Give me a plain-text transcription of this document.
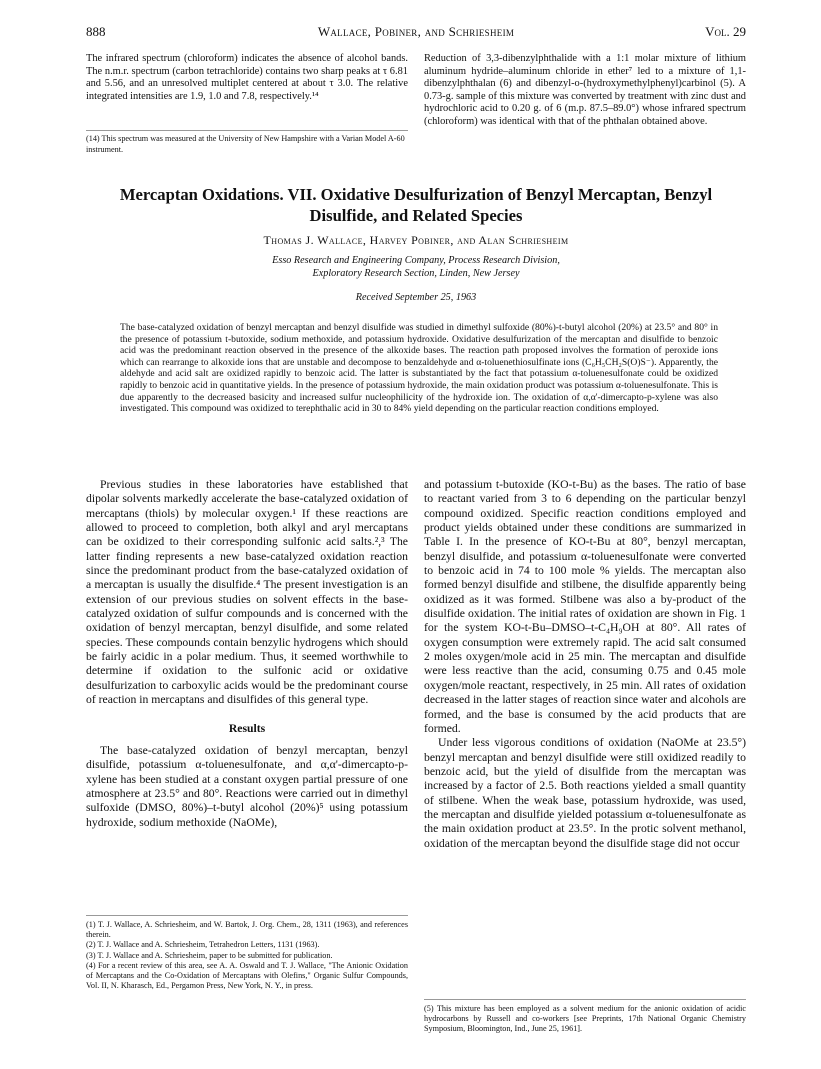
888	Wallace, Pobiner, and Schriesheim	Vol. 29
The infrared spectrum (chloroform) indicates the absence of alcohol bands. The n.m.r. spectrum (carbon tetrachloride) contains two sharp peaks at τ 6.81 and 5.56, and an unresolved multiplet centered at about τ 3.0. The relative integrated intensities are 1.9, 1.0 and 7.8, respectively.¹⁴
Reduction of 3,3-dibenzylphthalide with a 1:1 molar mixture of lithium aluminum hydride–aluminum chloride in ether⁷ led to a mixture of 1,1-dibenzylphthalan (6) and dibenzyl-o-(hydroxymethylphenyl)carbinol (5). A 0.73-g. sample of this mixture was converted by treatment with zinc dust and hydrochloric acid to 0.20 g. of 6 (m.p. 87.5–89.0°) whose infrared spectrum (chloroform) was identical with that of the phthalan obtained above.
(14) This spectrum was measured at the University of New Hampshire with a Varian Model A-60 instrument.
Mercaptan Oxidations. VII. Oxidative Desulfurization of Benzyl Mercaptan, Benzyl Disulfide, and Related Species
Thomas J. Wallace, Harvey Pobiner, and Alan Schriesheim
Esso Research and Engineering Company, Process Research Division,
Exploratory Research Section, Linden, New Jersey
Received September 25, 1963
The base-catalyzed oxidation of benzyl mercaptan and benzyl disulfide was studied in dimethyl sulfoxide (80%)-t-butyl alcohol (20%) at 23.5° and 80° in the presence of potassium t-butoxide, sodium methoxide, and potassium hydroxide. Oxidative desulfurization of the mercaptan and disulfide to benzoic acid was the predominant reaction observed in the presence of the alkoxide bases. The reaction path proposed involves the formation of peroxide ions which can rearrange to alkoxide ions that are unstable and decompose to benzaldehyde and α-toluenethiosulfinate ions (C₆H₅CH₂S(O)S⁻). Apparently, the aldehyde and acid salt are oxidized rapidly to benzoic acid. The latter is substantiated by the fact that potassium α-toluenesulfonate could be oxidized rapidly to benzoic acid in quantitative yields. In the presence of potassium hydroxide, the main oxidation product was potassium α-toluenesulfonate. This is due apparently to the decreased basicity and increased sulfur nucleophilicity of the hydroxide ion. The oxidation of α,α'-dimercapto-p-xylene was also investigated. This compound was oxidized to terephthalic acid in 30 to 84% yield depending on the particular reaction conditions employed.

Previous studies in these laboratories have established that dipolar solvents markedly accelerate the base-catalyzed oxidation of mercaptans (thiols) by molecular oxygen.¹ If these reactions are allowed to proceed to completion, both alkyl and aryl mercaptans can be oxidized to their corresponding sulfonic acid salts.²,³ The latter finding represents a new base-catalyzed oxidation reaction since the predominant product from the base-catalyzed oxidation of a mercaptan is usually the disulfide.⁴ The present investigation is an extension of our previous studies on solvent effects in the base-catalyzed oxidation of sulfur compounds and is concerned with the oxidation of benzyl mercaptan, benzyl disulfide, and some related species. These compounds contain benzylic hydrogens which should be fairly acidic in a polar medium. Thus, it seemed worthwhile to determine if oxidation to the sulfonic acid or oxidative desulfurization to carboxylic acids would be the predominant course of reaction in mercaptans and disulfides of this general type.

Results

The base-catalyzed oxidation of benzyl mercaptan, benzyl disulfide, potassium α-toluenesulfonate, and α,α'-dimercapto-p-xylene has been studied at a constant oxygen partial pressure of one atmosphere at 23.5° and 80°. Reactions were carried out in dimethyl sulfoxide (DMSO, 80%)–t-butyl alcohol (20%)⁵ using potassium hydroxide, sodium methoxide (NaOMe),

and potassium t-butoxide (KO-t-Bu) as the bases. The ratio of base to reactant varied from 3 to 6 depending on the particular benzyl compound oxidized. Specific reaction conditions employed and product yields obtained under these conditions are summarized in Table I. In the presence of KO-t-Bu at 80°, benzyl mercaptan, benzyl disulfide, and potassium α-toluenesulfonate were converted to benzoic acid in 74 to 100 mole % yields. The mercaptan also formed benzyl disulfide and stilbene, the disulfide apparently being oxidized as it was formed. Stilbene was also a by-product of the disulfide oxidation. The initial rates of oxidation are shown in Fig. 1 for the system KO-t-Bu–DMSO–t-C₄H₉OH at 80°. All rates of oxygen consumption were extremely rapid. The acid salt consumed 2 moles oxygen/mole acid in 25 min. The mercaptan and disulfide were less reactive than the acid, consuming 0.75 and 0.45 mole oxygen/mole reactant, respectively, in 25 min. All rates of oxidation decreased in the latter stages of reaction since water and alcohols are formed, and the base is consumed by the acid products that are formed.

Under less vigorous conditions of oxidation (NaOMe at 23.5°) benzyl mercaptan and benzyl disulfide were still oxidized readily to benzoic acid, but the yield of disulfide from the mercaptan was increased by a factor of 2.5. Both reactions yielded a small quantity of stilbene. When the weak base, potassium hydroxide, was used, the mercaptan and disulfide yielded potassium α-toluenesulfonate as the main oxidation product at 23.5°. In the protic solvent methanol, oxidation of the mercaptan beyond the disulfide stage did not occur

(1) T. J. Wallace, A. Schriesheim, and W. Bartok, J. Org. Chem., 28, 1311 (1963), and references therein.
(2) T. J. Wallace and A. Schriesheim, Tetrahedron Letters, 1131 (1963).
(3) T. J. Wallace and A. Schriesheim, paper to be submitted for publication.
(4) For a recent review of this area, see A. A. Oswald and T. J. Wallace, "The Anionic Oxidation of Mercaptans and the Co-Oxidation of Mercaptans with Olefins," Organic Sulfur Compounds, Vol. II, N. Kharasch, Ed., Pergamon Press, New York, N. Y., in press.
(5) This mixture has been employed as a solvent medium for the anionic oxidation of acidic hydrocarbons by Russell and co-workers [see Preprints, 17th National Organic Chemistry Symposium, Bloomington, Ind., June 25, 1961].
